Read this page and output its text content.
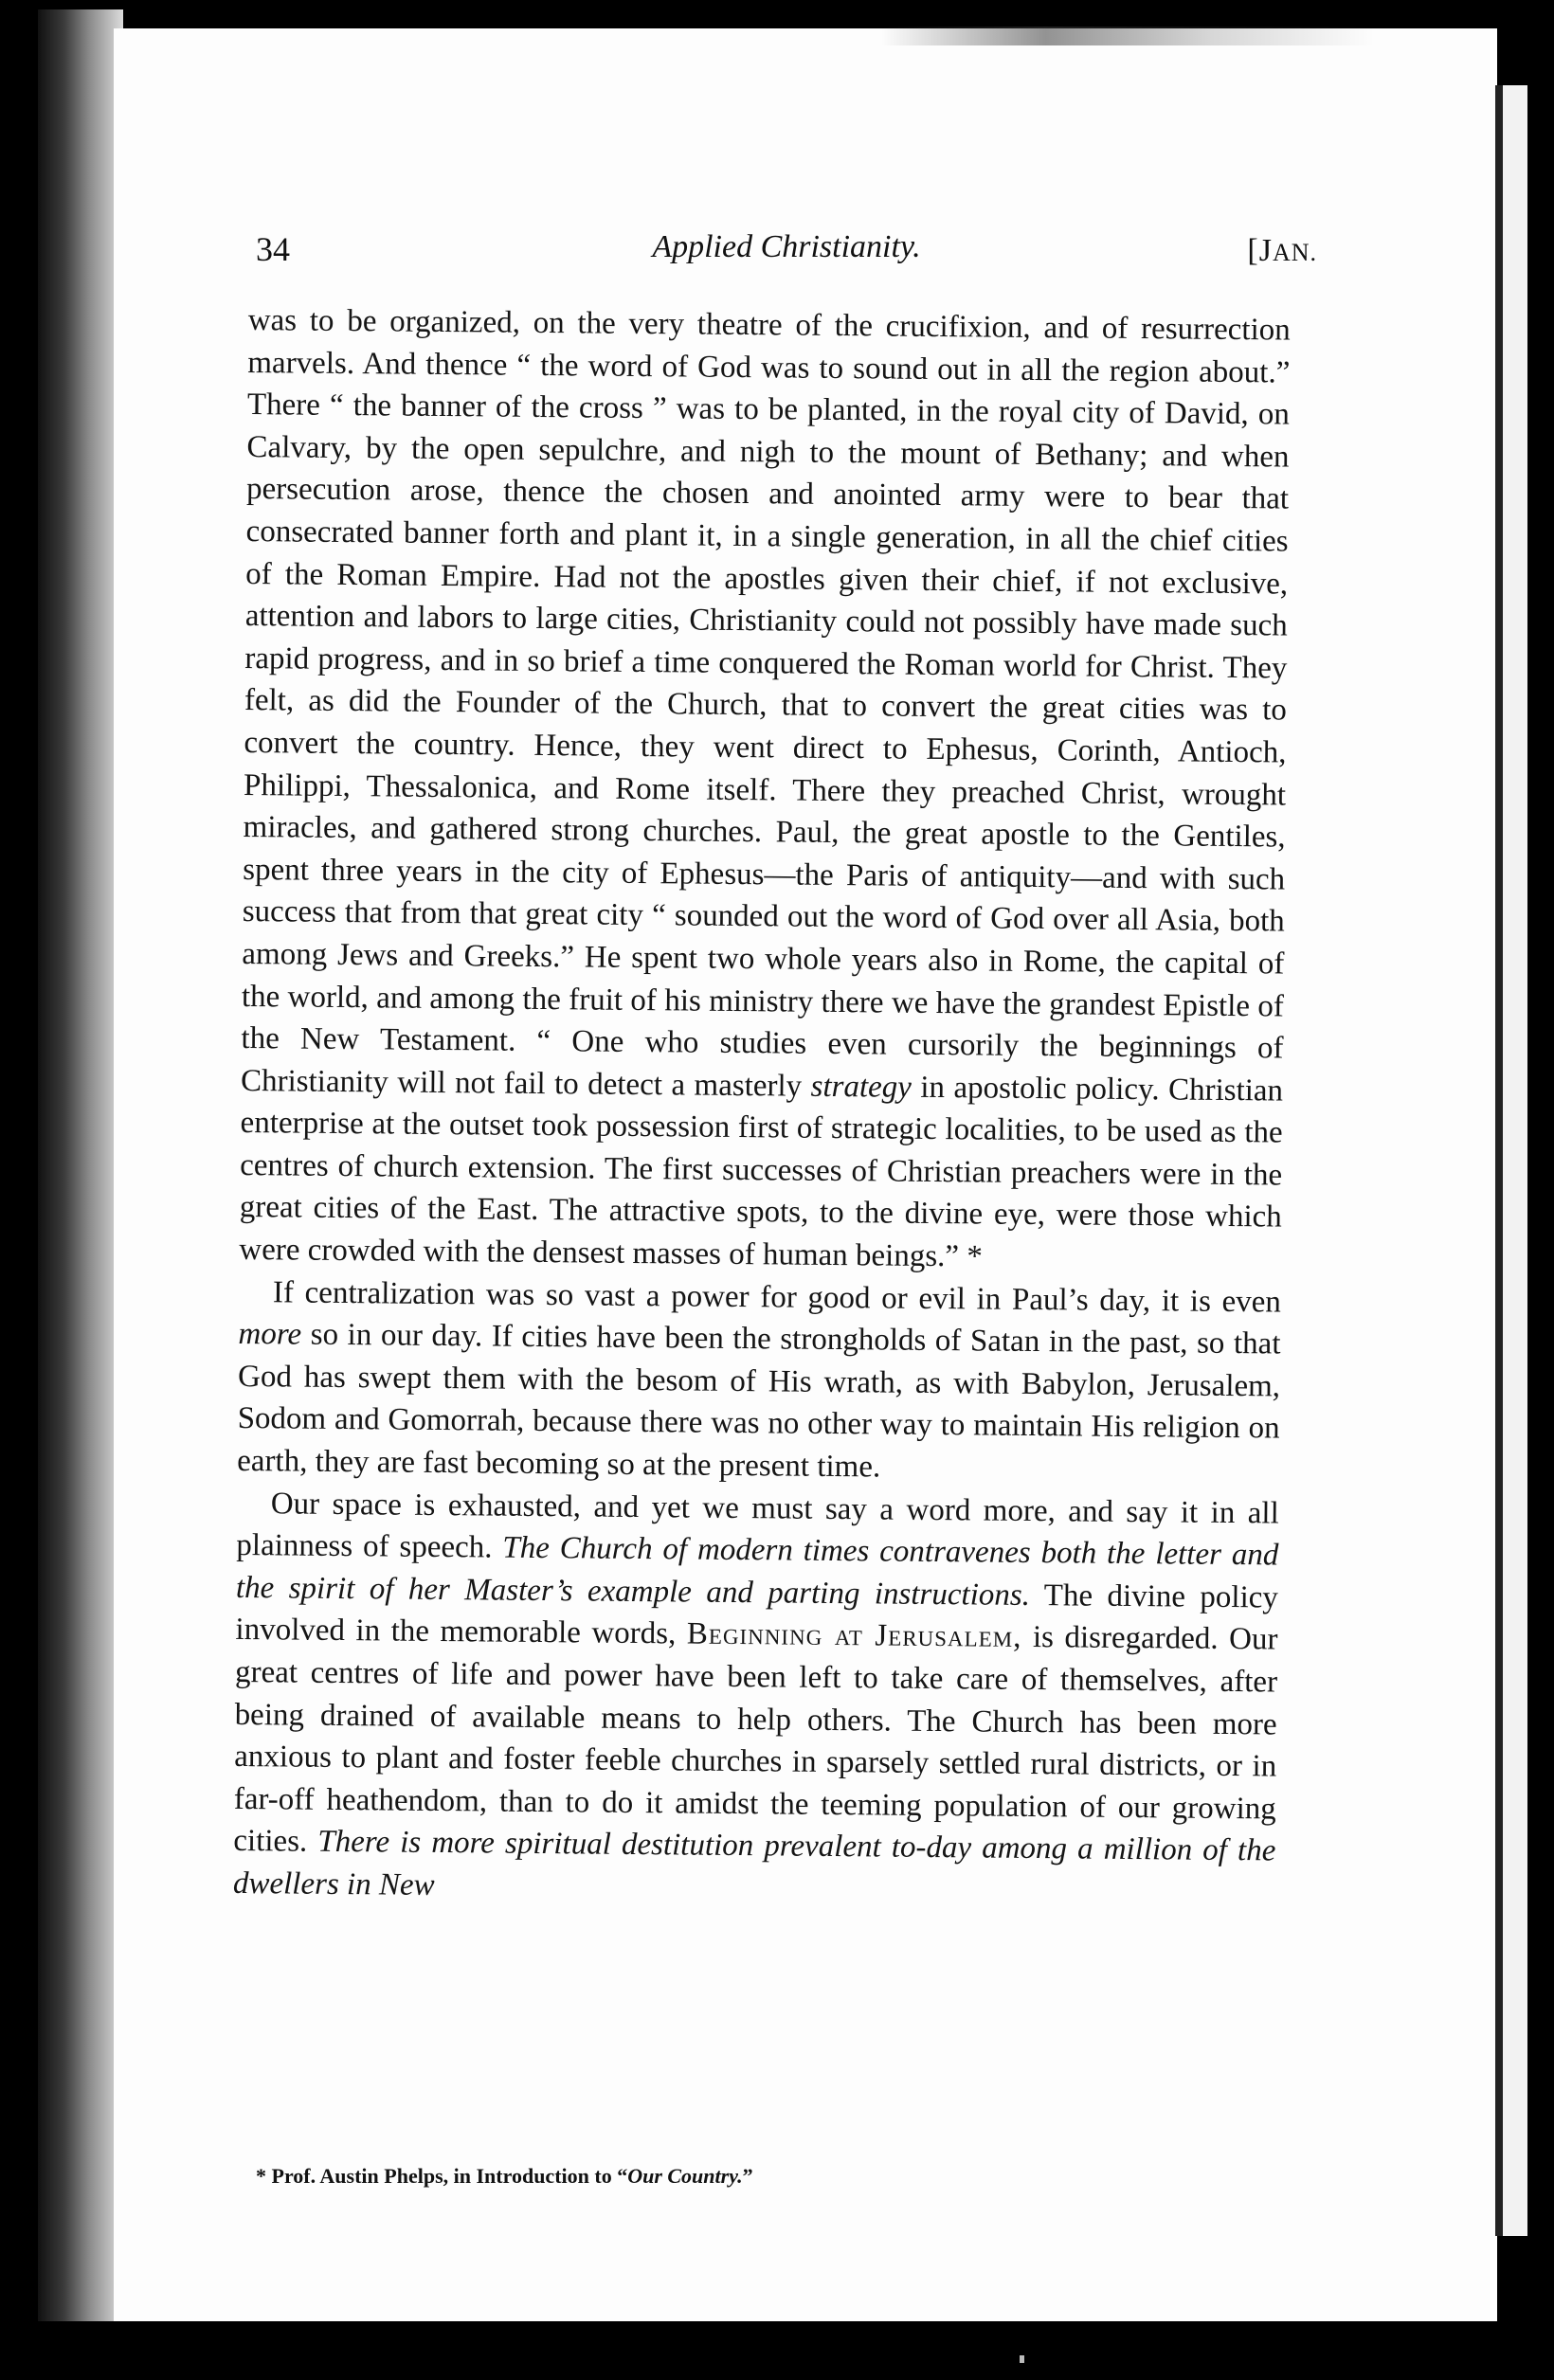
34	Applied Christianity.	[JAN.

was to be organized, on the very theatre of the crucifixion, and of resurrection marvels. And thence “ the word of God was to sound out in all the region about.” There “ the banner of the cross ” was to be planted, in the royal city of David, on Calvary, by the open sepulchre, and nigh to the mount of Bethany; and when persecution arose, thence the chosen and anointed army were to bear that consecrated banner forth and plant it, in a single generation, in all the chief cities of the Roman Empire. Had not the apostles given their chief, if not exclusive, attention and labors to large cities, Christianity could not possibly have made such rapid progress, and in so brief a time conquered the Roman world for Christ. They felt, as did the Founder of the Church, that to convert the great cities was to convert the country. Hence, they went direct to Ephesus, Corinth, Antioch, Philippi, Thessalonica, and Rome itself. There they preached Christ, wrought miracles, and gathered strong churches. Paul, the great apostle to the Gentiles, spent three years in the city of Ephesus—the Paris of antiquity—and with such success that from that great city “ sounded out the word of God over all Asia, both among Jews and Greeks.” He spent two whole years also in Rome, the capital of the world, and among the fruit of his ministry there we have the grandest Epistle of the New Testament. “ One who studies even cursorily the beginnings of Christianity will not fail to detect a masterly strategy in apostolic policy. Christian enterprise at the outset took possession first of strategic localities, to be used as the centres of church extension. The first successes of Christian preachers were in the great cities of the East. The attractive spots, to the divine eye, were those which were crowded with the densest masses of human beings.” *

If centralization was so vast a power for good or evil in Paul’s day, it is even more so in our day. If cities have been the strongholds of Satan in the past, so that God has swept them with the besom of His wrath, as with Babylon, Jerusalem, Sodom and Gomorrah, because there was no other way to maintain His religion on earth, they are fast becoming so at the present time.

Our space is exhausted, and yet we must say a word more, and say it in all plainness of speech. The Church of modern times contravenes both the letter and the spirit of her Master’s example and parting instructions. The divine policy involved in the memorable words, Beginning at Jerusalem, is disregarded. Our great centres of life and power have been left to take care of themselves, after being drained of available means to help others. The Church has been more anxious to plant and foster feeble churches in sparsely settled rural districts, or in far-off heathendom, than to do it amidst the teeming population of our growing cities. There is more spiritual destitution prevalent to-day among a million of the dwellers in New

* Prof. Austin Phelps, in Introduction to “Our Country.”
